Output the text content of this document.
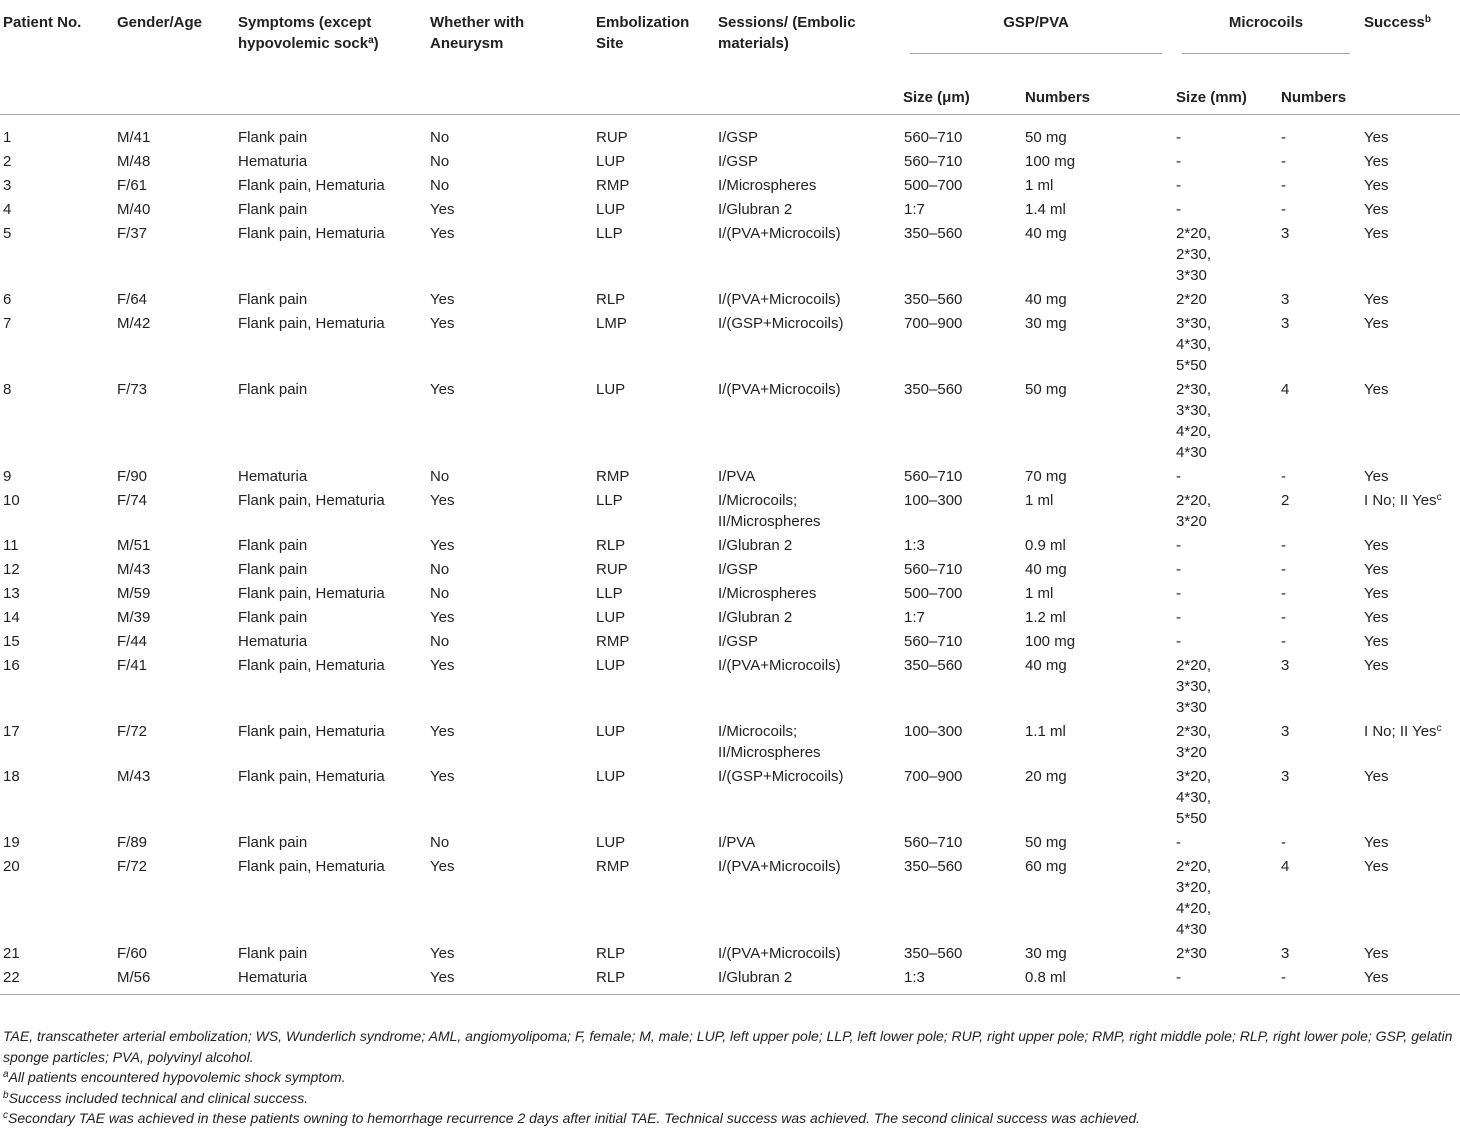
Patient No.	Gender/Age	Symptoms (except hypovolemic sock$^a$)	Whether with Aneurysm	Embolization Site	Sessions/ (Embolic materials)	GSP/PVA		Microcoils		Success$^b$
						Size (μm)	Numbers	Size (mm)	Numbers	
1	M/41	Flank pain	No	RUP	I/GSP	560–710	50 mg	-	-	Yes
2	M/48	Hematuria	No	LUP	I/GSP	560–710	100 mg	-	-	Yes
3	F/61	Flank pain, Hematuria	No	RMP	I/Microspheres	500–700	1 ml	-	-	Yes
4	M/40	Flank pain	Yes	LUP	I/Glubran 2	1:7	1.4 ml	-	-	Yes
5	F/37	Flank pain, Hematuria	Yes	LLP	I/(PVA+Microcoils)	350–560	40 mg	2*20,
2*30,
3*30	3	Yes
6	F/64	Flank pain	Yes	RLP	I/(PVA+Microcoils)	350–560	40 mg	2*20	3	Yes
7	M/42	Flank pain, Hematuria	Yes	LMP	I/(GSP+Microcoils)	700–900	30 mg	3*30,
4*30,
5*50	3	Yes
8	F/73	Flank pain	Yes	LUP	I/(PVA+Microcoils)	350–560	50 mg	2*30,
3*30,
4*20,
4*30	4	Yes
9	F/90	Hematuria	No	RMP	I/PVA	560–710	70 mg	-	-	Yes
10	F/74	Flank pain, Hematuria	Yes	LLP	I/Microcoils;
II/Microspheres	100–300	1 ml	2*20,
3*20	2	I No; II Yes$^c$
11	M/51	Flank pain	Yes	RLP	I/Glubran 2	1:3	0.9 ml	-	-	Yes
12	M/43	Flank pain	No	RUP	I/GSP	560–710	40 mg	-	-	Yes
13	M/59	Flank pain, Hematuria	No	LLP	I/Microspheres	500–700	1 ml	-	-	Yes
14	M/39	Flank pain	Yes	LUP	I/Glubran 2	1:7	1.2 ml	-	-	Yes
15	F/44	Hematuria	No	RMP	I/GSP	560–710	100 mg	-	-	Yes
16	F/41	Flank pain, Hematuria	Yes	LUP	I/(PVA+Microcoils)	350–560	40 mg	2*20,
3*30,
3*30	3	Yes
17	F/72	Flank pain, Hematuria	Yes	LUP	I/Microcoils;
II/Microspheres	100–300	1.1 ml	2*30,
3*20	3	I No; II Yes$^c$
18	M/43	Flank pain, Hematuria	Yes	LUP	I/(GSP+Microcoils)	700–900	20 mg	3*20,
4*30,
5*50	3	Yes
19	F/89	Flank pain	No	LUP	I/PVA	560–710	50 mg	-	-	Yes
20	F/72	Flank pain, Hematuria	Yes	RMP	I/(PVA+Microcoils)	350–560	60 mg	2*20,
3*20,
4*20,
4*30	4	Yes
21	F/60	Flank pain	Yes	RLP	I/(PVA+Microcoils)	350–560	30 mg	2*30	3	Yes
22	M/56	Hematuria	Yes	RLP	I/Glubran 2	1:3	0.8 ml	-	-	Yes

TAE, transcatheter arterial embolization; WS, Wunderlich syndrome; AML, angiomyolipoma; F, female; M, male; LUP, left upper pole; LLP, left lower pole; RUP, right upper pole; RMP, right middle pole; RLP, right lower pole; GSP, gelatin sponge particles; PVA, polyvinyl alcohol.

$^a$All patients encountered hypovolemic shock symptom.

$^b$Success included technical and clinical success.

$^c$Secondary TAE was achieved in these patients owning to hemorrhage recurrence 2 days after initial TAE. Technical success was achieved. The second clinical success was achieved.
